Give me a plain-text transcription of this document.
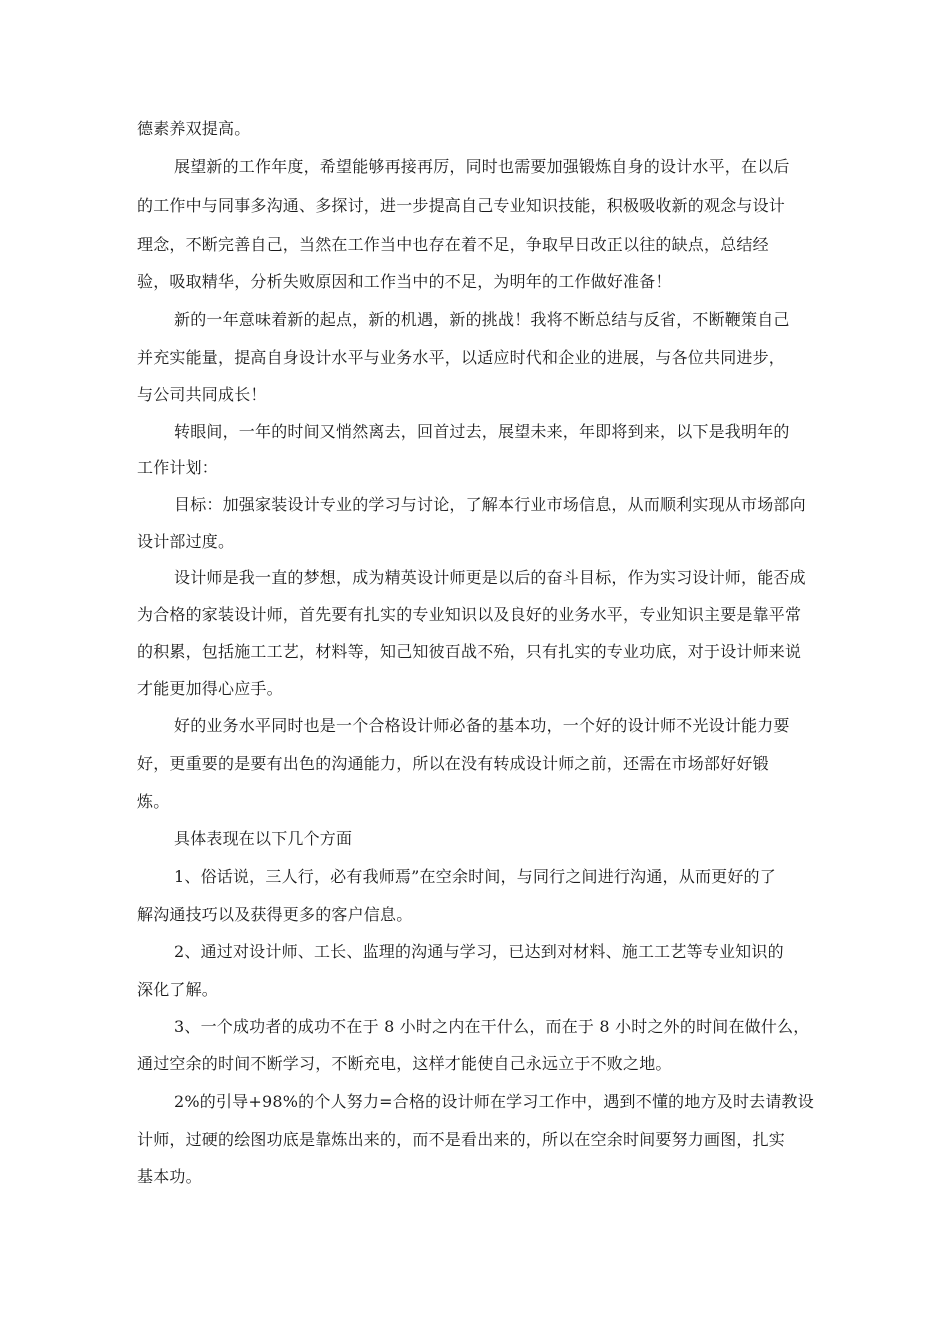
德素养双提高。

展望新的工作年度，希望能够再接再厉，同时也需要加强锻炼自身的设计水平，在以后

的工作中与同事多沟通、多探讨，进一步提高自己专业知识技能，积极吸收新的观念与设计

理念，不断完善自己，当然在工作当中也存在着不足，争取早日改正以往的缺点，总结经

验，吸取精华，分析失败原因和工作当中的不足，为明年的工作做好准备！

新的一年意味着新的起点，新的机遇，新的挑战！我将不断总结与反省，不断鞭策自己

并充实能量，提高自身设计水平与业务水平，以适应时代和企业的进展，与各位共同进步，

与公司共同成长！

转眼间，一年的时间又悄然离去，回首过去，展望未来，年即将到来，以下是我明年的

工作计划：

目标：加强家装设计专业的学习与讨论，了解本行业市场信息，从而顺利实现从市场部向

设计部过度。

设计师是我一直的梦想，成为精英设计师更是以后的奋斗目标，作为实习设计师，能否成

为合格的家装设计师，首先要有扎实的专业知识以及良好的业务水平，专业知识主要是靠平常

的积累，包括施工工艺，材料等，知己知彼百战不殆，只有扎实的专业功底，对于设计师来说

才能更加得心应手。

好的业务水平同时也是一个合格设计师必备的基本功，一个好的设计师不光设计能力要

好，更重要的是要有出色的沟通能力，所以在没有转成设计师之前，还需在市场部好好锻

炼。

具体表现在以下几个方面

1、俗话说，三人行，必有我师焉”在空余时间，与同行之间进行沟通，从而更好的了

解沟通技巧以及获得更多的客户信息。

2、通过对设计师、工长、监理的沟通与学习，已达到对材料、施工工艺等专业知识的

深化了解。

3、一个成功者的成功不在于 8 小时之内在干什么，而在于 8 小时之外的时间在做什么，

通过空余的时间不断学习，不断充电，这样才能使自己永远立于不败之地。

2%的引导+98%的个人努力=合格的设计师在学习工作中，遇到不懂的地方及时去请教设

计师，过硬的绘图功底是靠炼出来的，而不是看出来的，所以在空余时间要努力画图，扎实

基本功。
